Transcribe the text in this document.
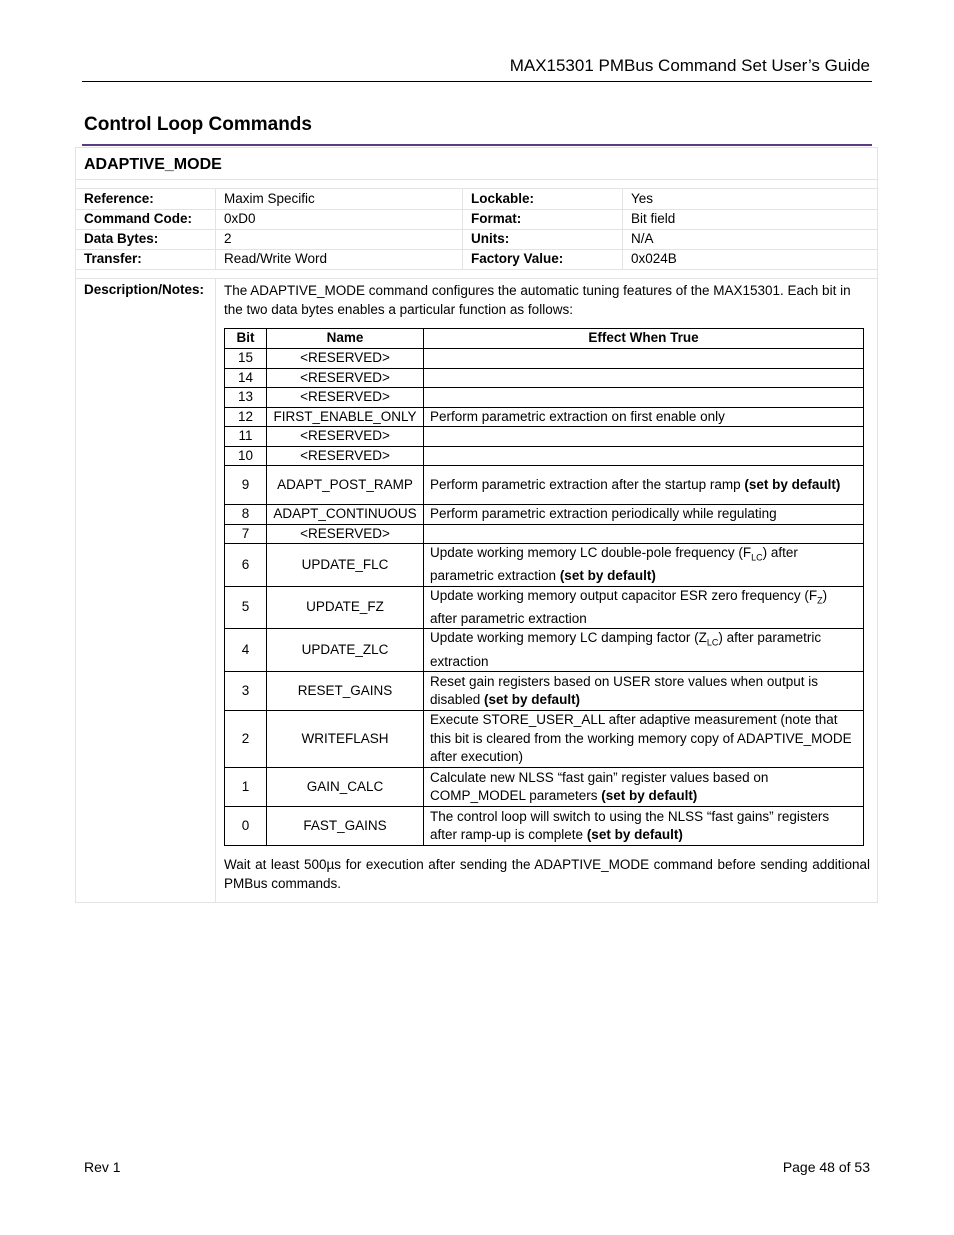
MAX15301 PMBus Command Set User’s Guide
Control Loop Commands
ADAPTIVE_MODE
Reference:	Maxim Specific	Lockable:	Yes
Command Code: 0xD0	Format:	Bit field
Data Bytes:	2	Units:	N/A
Transfer:	Read/Write Word	Factory Value:	0x024B
Description/Notes: The ADAPTIVE_MODE command configures the automatic tuning features of the MAX15301. Each bit in the two data bytes enables a particular function as follows:
Bit	Name	Effect When True
15	<RESERVED>	
14	<RESERVED>	
13	<RESERVED>	
12	FIRST_ENABLE_ONLY	Perform parametric extraction on first enable only
11	<RESERVED>	
10	<RESERVED>	
9	ADAPT_POST_RAMP	Perform parametric extraction after the startup ramp (set by default)
8	ADAPT_CONTINUOUS	Perform parametric extraction periodically while regulating
7	<RESERVED>	
6	UPDATE_FLC	Update working memory LC double-pole frequency $(F_{LC})$ after parametric extraction (set by default)
5	UPDATE_FZ	Update working memory output capacitor ESR zero frequency $(F_Z)$ after parametric extraction
4	UPDATE_ZLC	Update working memory LC damping factor $(Z_{LC})$ after parametric extraction
3	RESET_GAINS	Reset gain registers based on USER store values when output is disabled (set by default)
2	WRITEFLASH	Execute STORE_USER_ALL after adaptive measurement (note that this bit is cleared from the working memory copy of ADAPTIVE_MODE after execution)
1	GAIN_CALC	Calculate new NLSS “fast gain” register values based on COMP_MODEL parameters (set by default)
0	FAST_GAINS	The control loop will switch to using the NLSS “fast gains” registers after ramp-up is complete (set by default)
Wait at least 500µs for execution after sending the ADAPTIVE_MODE command before sending additional PMBus commands.
Rev 1	Page 48 of 53
